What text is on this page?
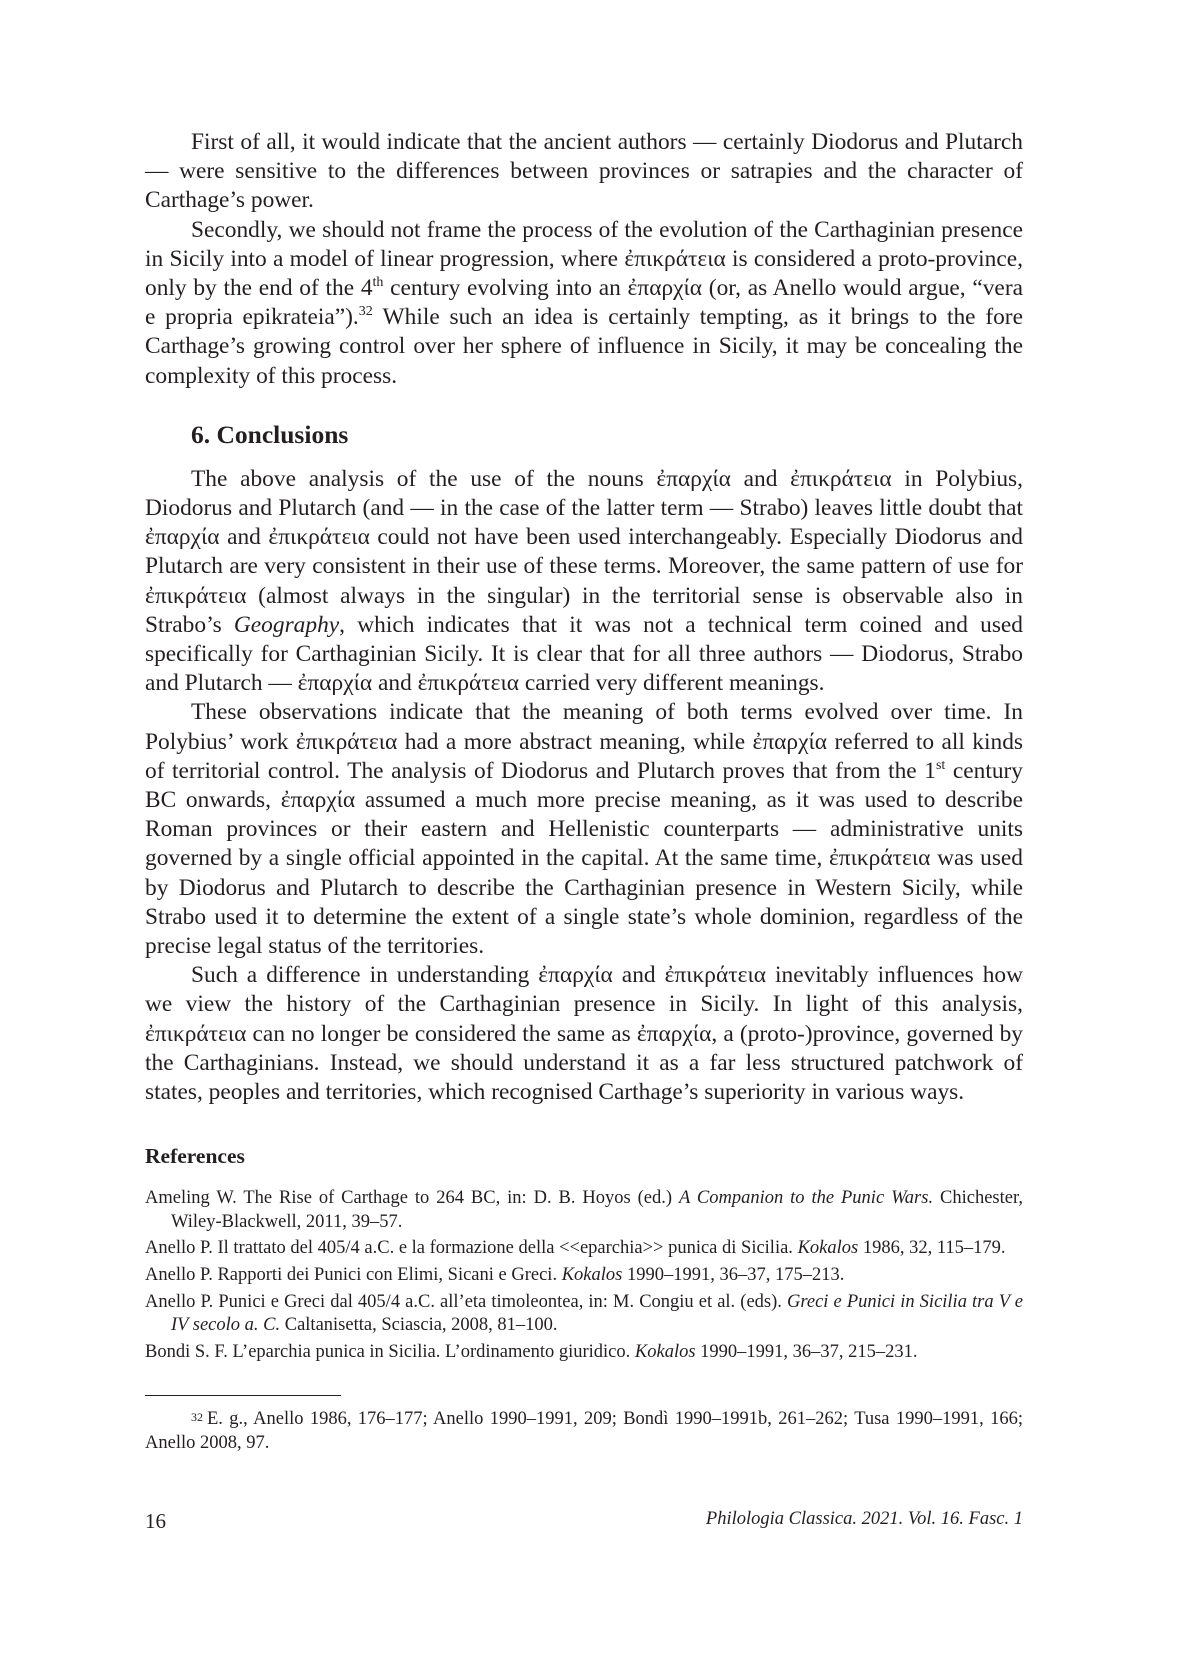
First of all, it would indicate that the ancient authors — certainly Diodorus and Plutarch — were sensitive to the differences between provinces or satrapies and the character of Carthage’s power.

Secondly, we should not frame the process of the evolution of the Carthaginian presence in Sicily into a model of linear progression, where ἐπικράτεια is considered a proto-province, only by the end of the 4th century evolving into an ἐπαρχία (or, as Anello would argue, “vera e propria epikrateia”).$^{32}$ While such an idea is certainly tempting, as it brings to the fore Carthage’s growing control over her sphere of influence in Sicily, it may be concealing the complexity of this process.

6. Conclusions

The above analysis of the use of the nouns ἐπαρχία and ἐπικράτεια in Polybius, Diodorus and Plutarch (and — in the case of the latter term — Strabo) leaves little doubt that ἐπαρχία and ἐπικράτεια could not have been used interchangeably. Especially Diodorus and Plutarch are very consistent in their use of these terms. Moreover, the same pattern of use for ἐπικράτεια (almost always in the singular) in the territorial sense is observable also in Strabo’s Geography, which indicates that it was not a technical term coined and used specifically for Carthaginian Sicily. It is clear that for all three authors — Diodorus, Strabo and Plutarch — ἐπαρχία and ἐπικράτεια carried very different meanings.

These observations indicate that the meaning of both terms evolved over time. In Polybius’ work ἐπικράτεια had a more abstract meaning, while ἐπαρχία referred to all kinds of territorial control. The analysis of Diodorus and Plutarch proves that from the 1st century BC onwards, ἐπαρχία assumed a much more precise meaning, as it was used to describe Roman provinces or their eastern and Hellenistic counterparts — administrative units governed by a single official appointed in the capital. At the same time, ἐπικράτεια was used by Diodorus and Plutarch to describe the Carthaginian presence in Western Sicily, while Strabo used it to determine the extent of a single state’s whole dominion, regardless of the precise legal status of the territories.

Such a difference in understanding ἐπαρχία and ἐπικράτεια inevitably influences how we view the history of the Carthaginian presence in Sicily. In light of this analysis, ἐπικράτεια can no longer be considered the same as ἐπαρχία, a (proto-)province, governed by the Carthaginians. Instead, we should understand it as a far less structured patchwork of states, peoples and territories, which recognised Carthage’s superiority in various ways.

References

Ameling W. The Rise of Carthage to 264 BC, in: D. B. Hoyos (ed.) A Companion to the Punic Wars. Chichester, Wiley-Blackwell, 2011, 39–57.

Anello P. Il trattato del 405/4 a.C. e la formazione della <<eparchia>> punica di Sicilia. Kokalos 1986, 32, 115–179.

Anello P. Rapporti dei Punici con Elimi, Sicani e Greci. Kokalos 1990–1991, 36–37, 175–213.

Anello P. Punici e Greci dal 405/4 a.C. all’eta timoleontea, in: M. Congiu et al. (eds). Greci e Punici in Sicilia tra V e IV secolo a. C. Caltanisetta, Sciascia, 2008, 81–100.

Bondi S. F. L’eparchia punica in Sicilia. L’ordinamento giuridico. Kokalos 1990–1991, 36–37, 215–231.

$^{32}$ E. g., Anello 1986, 176–177; Anello 1990–1991, 209; Bondì 1990–1991b, 261–262; Tusa 1990–1991, 166; Anello 2008, 97.

16	Philologia Classica. 2021. Vol. 16. Fasc. 1
